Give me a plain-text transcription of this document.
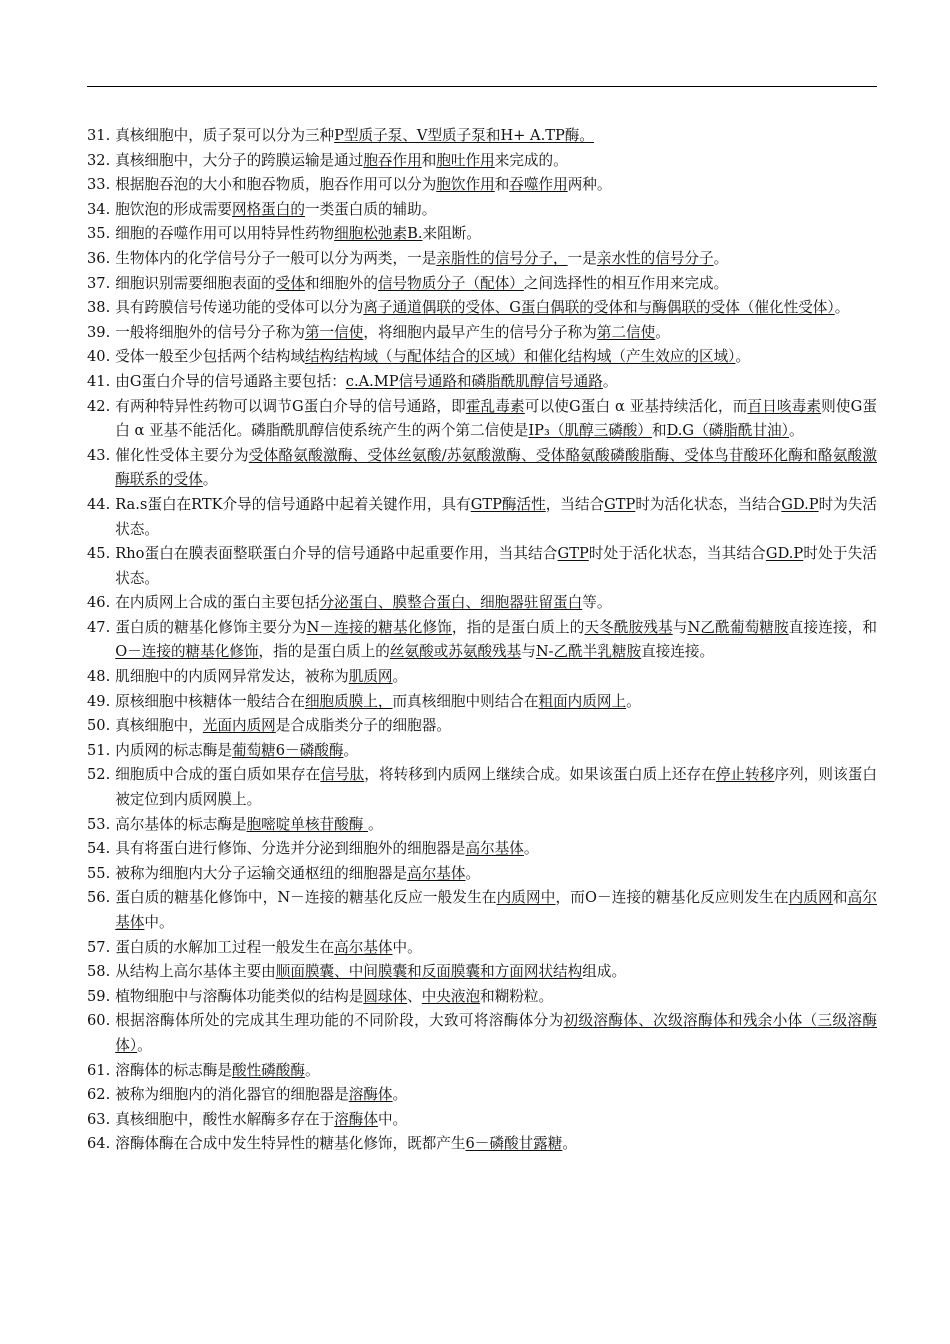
31. 真核细胞中，质子泵可以分为三种P型质子泵、V型质子泵和H+ A.TP酶。
32. 真核细胞中，大分子的跨膜运输是通过胞吞作用和胞吐作用来完成的。
33. 根据胞吞泡的大小和胞吞物质，胞吞作用可以分为胞饮作用和吞噬作用两种。
34. 胞饮泡的形成需要网格蛋白的一类蛋白质的辅助。
35. 细胞的吞噬作用可以用特异性药物细胞松弛素B.来阻断。
36. 生物体内的化学信号分子一般可以分为两类，一是亲脂性的信号分子，一是亲水性的信号分子。
37. 细胞识别需要细胞表面的受体和细胞外的信号物质分子（配体）之间选择性的相互作用来完成。
38. 具有跨膜信号传递功能的受体可以分为离子通道偶联的受体、G蛋白偶联的受体和与酶偶联的受体（催化性受体）。
39. 一般将细胞外的信号分子称为第一信使，将细胞内最早产生的信号分子称为第二信使。
40. 受体一般至少包括两个结构域结构结构域（与配体结合的区域）和催化结构域（产生效应的区域）。
41. 由G蛋白介导的信号通路主要包括：c.A.MP信号通路和磷脂酰肌醇信号通路。
42. 有两种特异性药物可以调节G蛋白介导的信号通路，即霍乱毒素可以使G蛋白 α 亚基持续活化，而百日咳毒素则使G蛋白 α 亚基不能活化。磷脂酰肌醇信使系统产生的两个第二信使是IP₃（肌醇三磷酸）和D.G（磷脂酰甘油）。
43. 催化性受体主要分为受体酪氨酸激酶、受体丝氨酸/苏氨酸激酶、受体酪氨酸磷酸脂酶、受体鸟苷酸环化酶和酪氨酸激酶联系的受体。
44. Ra.s蛋白在RTK介导的信号通路中起着关键作用，具有GTP酶活性，当结合GTP时为活化状态，当结合GD.P时为失活状态。
45. Rho蛋白在膜表面整联蛋白介导的信号通路中起重要作用，当其结合GTP时处于活化状态，当其结合GD.P时处于失活状态。
46. 在内质网上合成的蛋白主要包括分泌蛋白、膜整合蛋白、细胞器驻留蛋白等。
47. 蛋白质的糖基化修饰主要分为N－连接的糖基化修饰，指的是蛋白质上的天冬酰胺残基与N乙酰葡萄糖胺直接连接，和O－连接的糖基化修饰，指的是蛋白质上的丝氨酸或苏氨酸残基与N-乙酰半乳糖胺直接连接。
48. 肌细胞中的内质网异常发达，被称为肌质网。
49. 原核细胞中核糖体一般结合在细胞质膜上，而真核细胞中则结合在粗面内质网上。
50. 真核细胞中，光面内质网是合成脂类分子的细胞器。
51. 内质网的标志酶是葡萄糖6－磷酸酶。
52. 细胞质中合成的蛋白质如果存在信号肽，将转移到内质网上继续合成。如果该蛋白质上还存在停止转移序列，则该蛋白被定位到内质网膜上。
53. 高尔基体的标志酶是胞嘧啶单核苷酸酶 。
54. 具有将蛋白进行修饰、分选并分泌到细胞外的细胞器是高尔基体。
55. 被称为细胞内大分子运输交通枢纽的细胞器是高尔基体。
56. 蛋白质的糖基化修饰中，N－连接的糖基化反应一般发生在内质网中，而O－连接的糖基化反应则发生在内质网和高尔基体中。
57. 蛋白质的水解加工过程一般发生在高尔基体中。
58. 从结构上高尔基体主要由顺面膜囊、中间膜囊和反面膜囊和方面网状结构组成。
59. 植物细胞中与溶酶体功能类似的结构是圆球体、中央液泡和糊粉粒。
60. 根据溶酶体所处的完成其生理功能的不同阶段，大致可将溶酶体分为初级溶酶体、次级溶酶体和残余小体（三级溶酶体）。
61. 溶酶体的标志酶是酸性磷酸酶。
62. 被称为细胞内的消化器官的细胞器是溶酶体。
63. 真核细胞中，酸性水解酶多存在于溶酶体中。
64. 溶酶体酶在合成中发生特异性的糖基化修饰，既都产生6－磷酸甘露糖。
